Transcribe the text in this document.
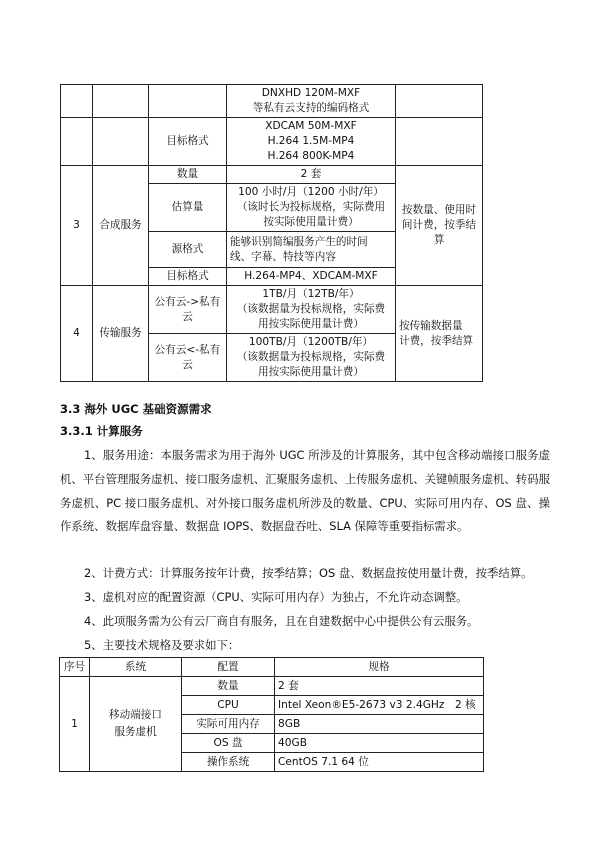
			DNXHD 120M-MXF
等私有云支持的编码格式	

		目标格式	XDCAM 50M-MXF
H.264 1.5M-MP4
H.264 800K-MP4	

3	合成服务	数量	2 套	按数量、使用时
间计费，按季结
算

		估算量	100 小时/月（1200 小时/年）
（该时长为投标规格，实际费用
按实际使用量计费）	

		源格式	能够识别简编服务产生的时间
线、字幕、特技等内容	

		目标格式	H.264-MP4、XDCAM-MXF	

4	传输服务	公有云->私有
云	1TB/月（12TB/年）
（该数据量为投标规格，实际费
用按实际使用量计费）	按传输数据量
计费，按季结算

		公有云<-私有
云	100TB/月（1200TB/年）
（该数据量为投标规格，实际费
用按实际使用量计费）	
3.3 海外 UGC 基础资源需求
3.3.1 计算服务
1、服务用途：本服务需求为用于海外 UGC 所涉及的计算服务，其中包含移动端接口服务虚机、平台管理服务虚机、接口服务虚机、汇聚服务虚机、上传服务虚机、关键帧服务虚机、转码服务虚机、PC 接口服务虚机、对外接口服务虚机所涉及的数量、CPU、实际可用内存、OS 盘、操作系统、数据库盘容量、数据盘 IOPS、数据盘吞吐、SLA 保障等重要指标需求。
2、计费方式：计算服务按年计费，按季结算；OS 盘、数据盘按使用量计费，按季结算。
3、虚机对应的配置资源（CPU、实际可用内存）为独占，不允许动态调整。
4、此项服务需为公有云厂商自有服务，且在自建数据中心中提供公有云服务。
5、主要技术规格及要求如下：
序号	系统	配置	规格
1	移动端接口
服务虚机	数量	2 套
		CPU	Intel Xeon®E5-2673 v3 2.4GHz　2 核
		实际可用内存	8GB
		OS 盘	40GB
		操作系统	CentOS 7.1 64 位
